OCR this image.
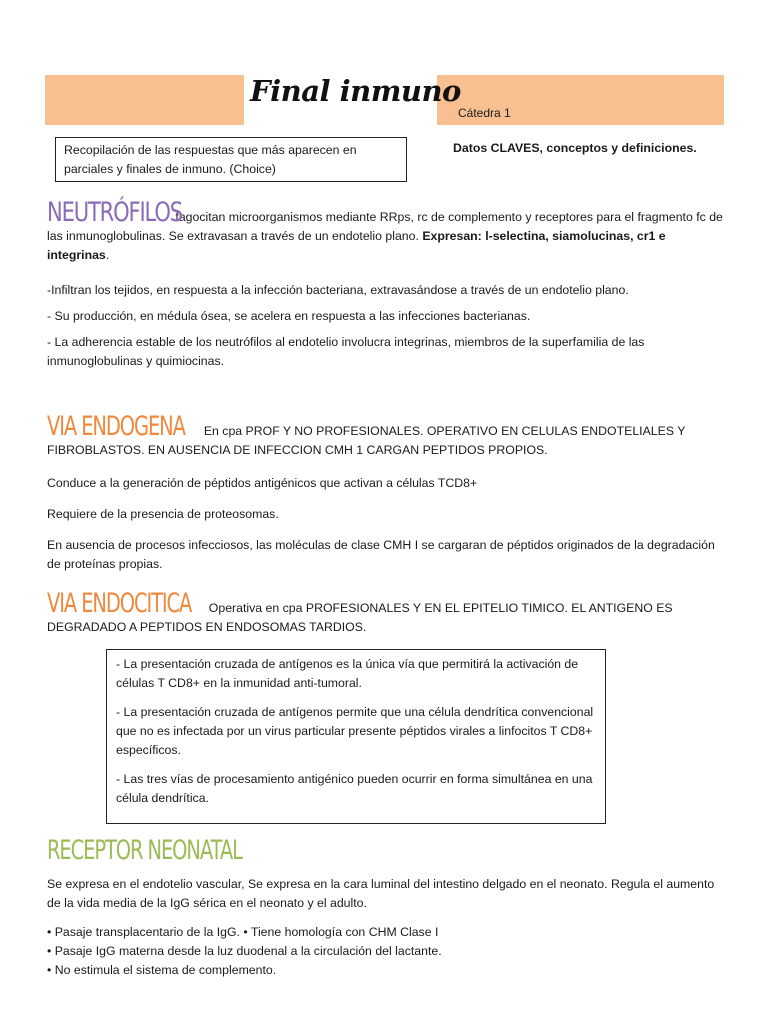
Final inmuno
Cátedra 1
Recopilación de las respuestas que más aparecen en parciales y finales de inmuno. (Choice)
Datos CLAVES, conceptos y definiciones.
NEUTRÓFILOS fagocitan microorganismos mediante RRps, rc de complemento y receptores para el fragmento fc de las inmunoglobulinas. Se extravasan a través de un endotelio plano. Expresan: l-selectina, siamolucinas, cr1 e integrinas.
-Infiltran los tejidos, en respuesta a la infección bacteriana, extravasándose a través de un endotelio plano.
- Su producción, en médula ósea, se acelera en respuesta a las infecciones bacterianas.
- La adherencia estable de los neutrófilos al endotelio involucra integrinas, miembros de la superfamilia de las inmunoglobulinas y quimiocinas.
VIA ENDOGENA En cpa PROF Y NO PROFESIONALES. OPERATIVO EN CELULAS ENDOTELIALES Y FIBROBLASTOS. EN AUSENCIA DE INFECCION CMH 1 CARGAN PEPTIDOS PROPIOS.
Conduce a la generación de péptidos antigénicos que activan a células TCD8+
Requiere de la presencia de proteosomas.
En ausencia de procesos infecciosos, las moléculas de clase CMH I se cargaran de péptidos originados de la degradación de proteínas propias.
VIA ENDOCITICA Operativa en cpa PROFESIONALES Y EN EL EPITELIO TIMICO. EL ANTIGENO ES DEGRADADO A PEPTIDOS EN ENDOSOMAS TARDIOS.

- La presentación cruzada de antígenos es la única vía que permitirá la activación de células T CD8+ en la inmunidad anti-tumoral.

- La presentación cruzada de antígenos permite que una célula dendrítica convencional que no es infectada por un virus particular presente péptidos virales a linfocitos T CD8+ específicos.

- Las tres vías de procesamiento antigénico pueden ocurrir en forma simultánea en una célula dendrítica.

RECEPTOR NEONATAL
Se expresa en el endotelio vascular, Se expresa en la cara luminal del intestino delgado en el neonato. Regula el aumento de la vida media de la IgG sérica en el neonato y el adulto.
• Pasaje transplacentario de la IgG. • Tiene homología con CHM Clase I
• Pasaje IgG materna desde la luz duodenal a la circulación del lactante.
• No estimula el sistema de complemento.
